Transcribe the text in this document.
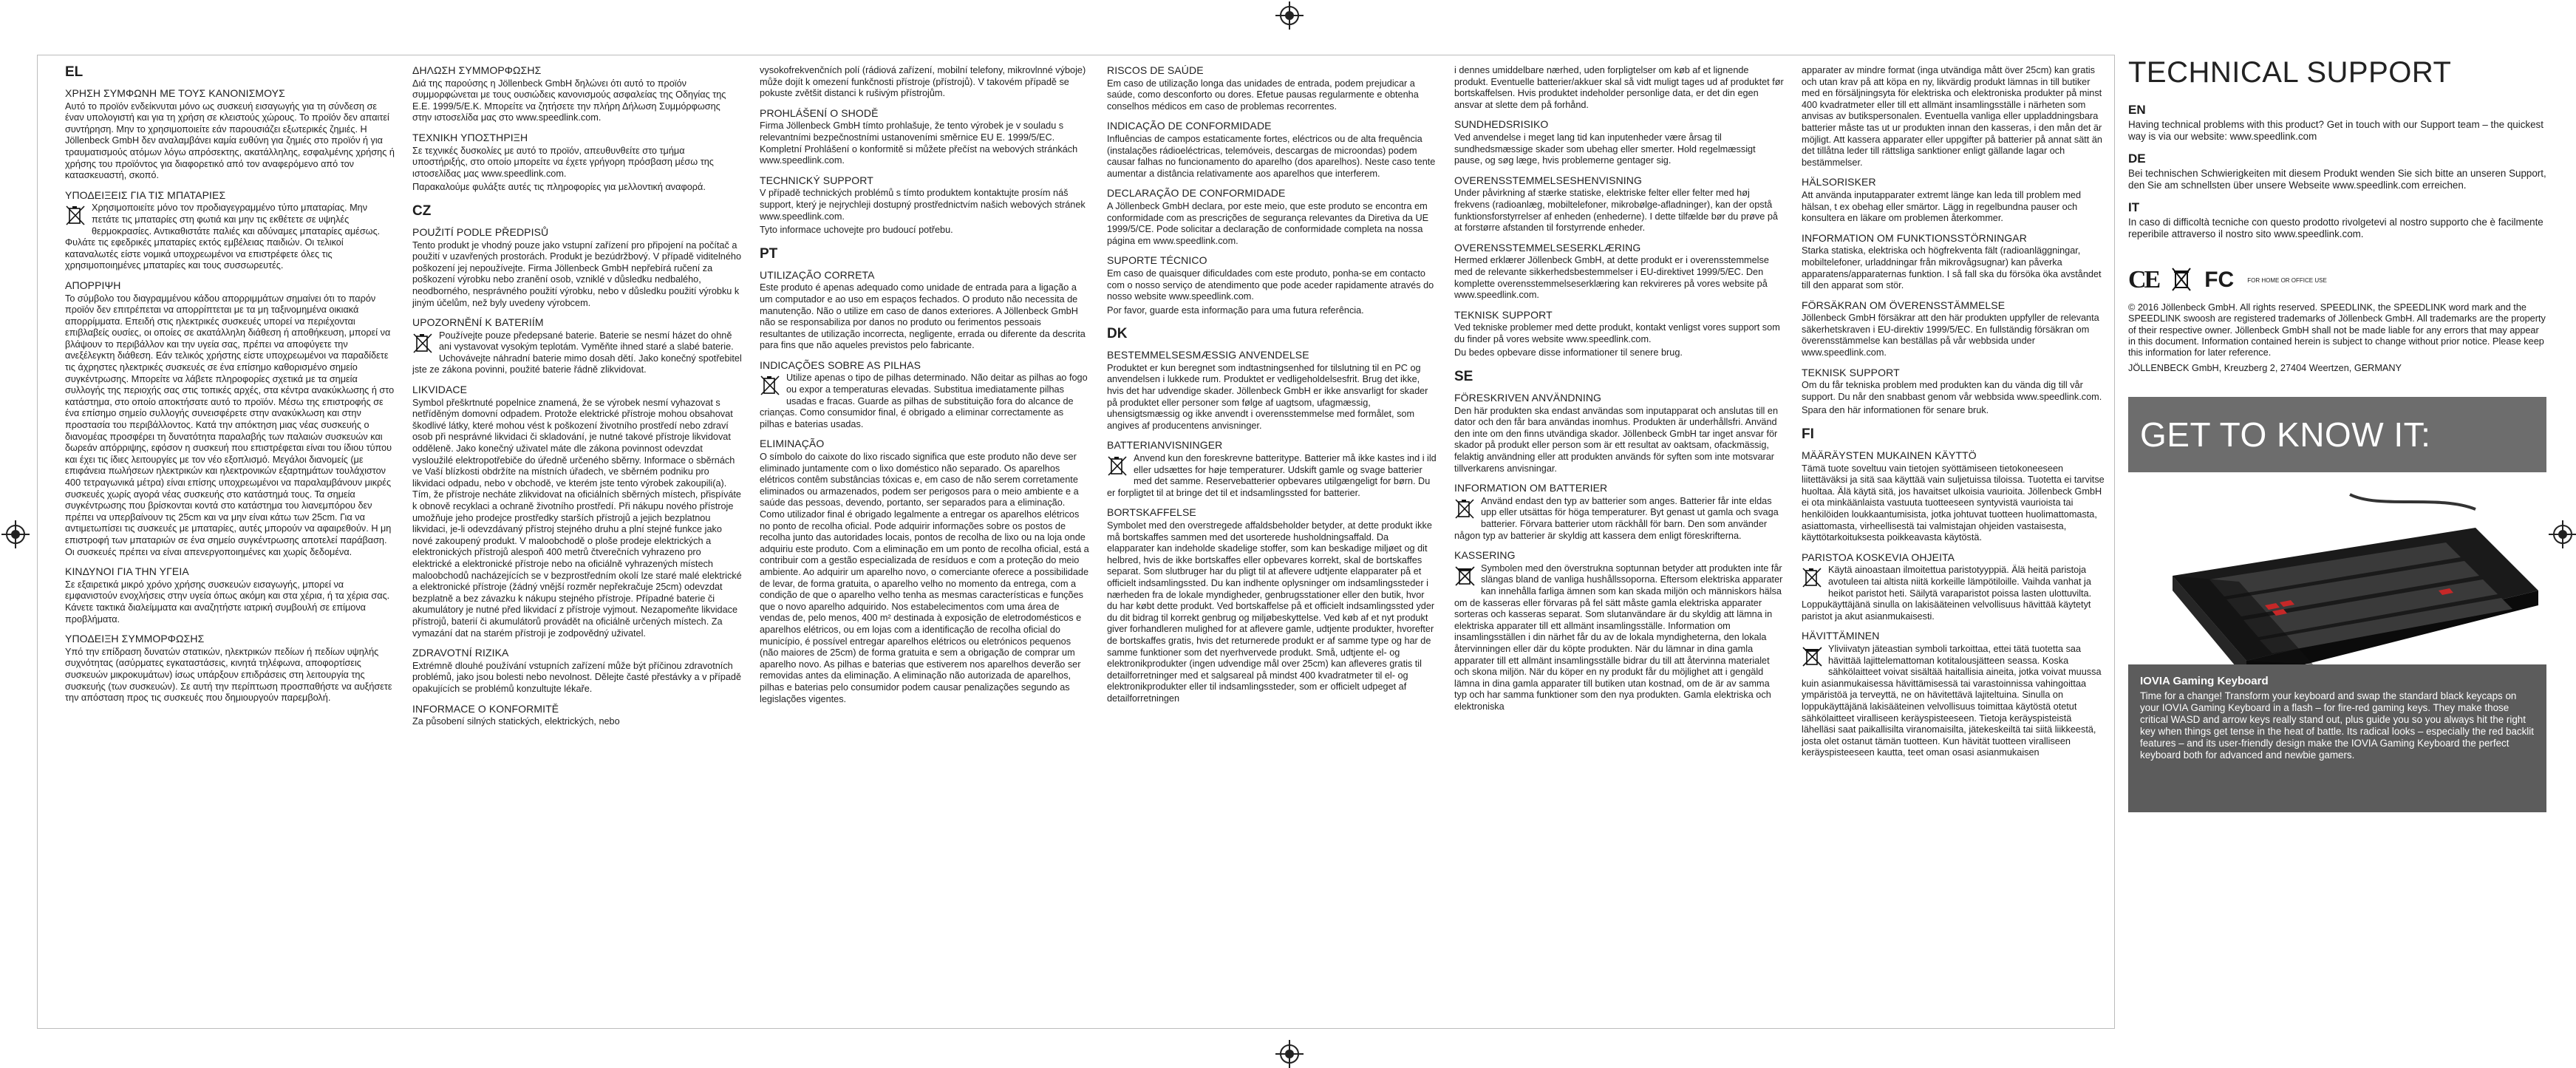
EL
ΧΡΗΣΗ ΣΥΜΦΩΝΗ ΜΕ ΤΟΥΣ ΚΑΝΟΝΙΣΜΟΥΣ

Αυτό το προϊόν ενδείκνυται μόνο ως συσκευή εισαγωγής για τη σύνδεση σε έναν υπολογιστή και για τη χρήση σε κλειστούς χώρους. Το προϊόν δεν απαιτεί συντήρηση. Μην το χρησιμοποιείτε εάν παρουσιάζει εξωτερικές ζημιές. Η Jöllenbeck GmbH δεν αναλαμβάνει καμία ευθύνη για ζημιές στο προϊόν ή για τραυματισμούς ατόμων λόγω απρόσεκτης, ακατάλληλης, εσφαλμένης χρήσης ή χρήσης του προϊόντος για διαφορετικό από τον αναφερόμενο από τον κατασκευαστή, σκοπό.

ΥΠΟΔΕΙΞΕΙΣ ΓΙΑ ΤΙΣ ΜΠΑΤΑΡΙΕΣ

Χρησιμοποιείτε μόνο τον προδιαγεγραμμένο τύπο μπαταρίας. Μην πετάτε τις μπαταρίες στη φωτιά και μην τις εκθέτετε σε υψηλές θερμοκρασίες. Αντικαθιστάτε παλιές και αδύναμες μπαταρίες αμέσως. Φυλάτε τις εφεδρικές μπαταρίες εκτός εμβέλειας παιδιών. Οι τελικοί καταναλωτές είστε νομικά υποχρεωμένοι να επιστρέφετε όλες τις χρησιμοποιημένες μπαταρίες και τους συσσωρευτές.

ΑΠΟΡΡΙΨΗ

Το σύμβολο του διαγραμμένου κάδου απορριμμάτων σημαίνει ότι το παρόν προϊόν δεν επιτρέπεται να απορρίπτεται με τα μη ταξινομημένα οικιακά απορρίμματα. Επειδή στις ηλεκτρικές συσκευές υπορεί να περιέχονται επιβλαβείς ουσίες, οι οποίες σε ακατάλληλη διάθεση ή αποθήκευση, μπορεί να βλάψουν το περιβάλλον και την υγεία σας, πρέπει να αποφύγετε την ανεξέλεγκτη διάθεση. Εάν τελικός χρήστης είστε υποχρεωμένοι να παραδίδετε τις άχρηστες ηλεκτρικές συσκευές σε ένα επίσημο καθορισμένο σημείο συγκέντρωσης. Μπορείτε να λάβετε πληροφορίες σχετικά με τα σημεία συλλογής της περιοχής σας στις τοπικές αρχές, στα κέντρα ανακύκλωσης ή στο κατάστημα, στο οποίο αποκτήσατε αυτό το προϊόν. Μέσω της επιστροφής σε ένα επίσημο σημείο συλλογής συνεισφέρετε στην ανακύκλωση και στην προστασία του περιβάλλοντος. Κατά την απόκτηση μιας νέας συσκευής ο διανομέας προσφέρει τη δυνατότητα παραλαβής των παλαιών συσκευών και δωρεάν απόρριψης, εφόσον η συσκευή που επιστρέφεται είναι του ίδιου τύπου και έχει τις ίδιες λειτουργίες με τον νέο εξοπλισμό. Μεγάλοι διανομείς (με επιφάνεια πωλήσεων ηλεκτρικών και ηλεκτρονικών εξαρτημάτων τουλάχιστον 400 τετραγωνικά μέτρα) είναι επίσης υποχρεωμένοι να παραλαμβάνουν μικρές συσκευές χωρίς αγορά νέας συσκευής στο κατάστημά τους. Τα σημεία συγκέντρωσης που βρίσκονται κοντά στο κατάστημα του λιανεμπόρου δεν πρέπει να υπερβαίνουν τις 25cm και να μην είναι κάτω των 25cm. Για να αντιμετωπίσει τις συσκευές με μπαταρίες, αυτές μπορούν να αφαιρεθούν. Η μη επιστροφή των μπαταριών σε ένα σημείο συγκέντρωσης αποτελεί παράβαση. Οι συσκευές πρέπει να είναι απενεργοποιημένες και χωρίς δεδομένα.

ΚΙΝΔΥΝΟΙ ΓΙΑ ΤΗΝ ΥΓΕΙΑ

Σε εξαιρετικά μικρό χρόνο χρήσης συσκευών εισαγωγής, μπορεί να εμφανιστούν ενοχλήσεις στην υγεία όπως ακόμη και στα χέρια, ή τα χέρια σας. Κάνετε τακτικά διαλείμματα και αναζητήστε ιατρική συμβουλή σε επίμονα προβλήματα.

ΥΠΟΔΕΙΞΗ ΣΥΜΜΟΡΦΩΣΗΣ

Υπό την επίδραση δυνατών στατικών, ηλεκτρικών πεδίων ή πεδίων υψηλής συχνότητας (ασύρματες εγκαταστάσεις, κινητά τηλέφωνα, αποφορτίσεις συσκευών μικροκυμάτων) ίσως υπάρξουν επιδράσεις στη λειτουργία της συσκευής (των συσκευών). Σε αυτή την περίπτωση προσπαθήστε να αυξήσετε την απόσταση προς τις συσκευές που δημιουργούν παρεμβολή.

ΔΗΛΩΣΗ ΣΥΜΜΟΡΦΩΣΗΣ

Διά της παρούσης η Jöllenbeck GmbH δηλώνει ότι αυτό το προϊόν συμμορφώνεται με τους ουσιώδεις κανονισμούς ασφαλείας της Οδηγίας της Ε.Ε. 1999/5/Ε.Κ. Μπορείτε να ζητήσετε την πλήρη Δήλωση Συμμόρφωσης στην ιστοσελίδα μας στο www.speedlink.com.

ΤΕΧΝΙΚΗ ΥΠΟΣΤΗΡΙΞΗ

Σε τεχνικές δυσκολίες με αυτό το προϊόν, απευθυνθείτε στο τμήμα υποστήριξής, στο οποίο μπορείτε να έχετε γρήγορη πρόσβαση μέσω της ιστοσελίδας μας www.speedlink.com.

Παρακαλούμε φυλάξτε αυτές τις πληροφορίες για μελλοντική αναφορά.

CZ
POUŽITÍ PODLE PŘEDPISŮ

Tento produkt je vhodný pouze jako vstupní zařízení pro připojení na počítač a použití v uzavřených prostorách. Produkt je bezúdržbový. V případě viditelného poškození jej nepoužívejte. Firma Jöllenbeck GmbH nepřebírá ručení za poškození výrobku nebo zranění osob, vzniklé v důsledku nedbalého, neodborného, nesprávného použití výrobku, nebo v důsledku použití výrobku k jiným účelům, než byly uvedeny výrobcem.

UPOZORNĚNÍ K BATERIÍM

Používejte pouze předepsané baterie. Baterie se nesmí házet do ohně ani vystavovat vysokým teplotám. Vyměňte ihned staré a slabé baterie. Uchovávejte náhradní baterie mimo dosah dětí. Jako konečný spotřebitel jste ze zákona povinni, použité baterie řádně zlikvidovat.

LIKVIDACE

Symbol přeškrtnuté popelnice znamená, že se výrobek nesmí vyhazovat s netříděným domovní odpadem. Protože elektrické přístroje mohou obsahovat škodlivé látky, které mohou vést k poškození životního prostředí nebo zdraví osob při nesprávné likvidaci či skladování, je nutné takové přístroje likvidovat odděleně. Jako konečný uživatel máte dle zákona povinnost odevzdat vysloužilé elektropotřebiče do úředně určeného sběrny. Informace o sběrnách ve Vaší blízkosti obdržíte na místních úřadech, ve sběrném podniku pro likvidaci odpadu, nebo v obchodě, ve kterém jste tento výrobek zakoupili(a). Tím, že přístroje necháte zlikvidovat na oficiálních sběrných místech, přispíváte k obnově recyklaci a ochraně životního prostředí. Při nákupu nového přístroje umožňuje jeho prodejce prostředky starších přístrojů a jejich bezplatnou likvidaci, je-li odevzdávaný přístroj stejného druhu a plní stejné funkce jako nové zakoupený produkt. V maloobchodě o ploše prodeje elektrických a elektronických přístrojů alespoň 400 metrů čtverečních vyhrazeno pro elektrické a elektronické přístroje nebo na oficiálně vyhrazených místech maloobchodů nacházejících se v bezprostředním okolí lze staré malé elektrické a elektronické přístroje (žádný vnější rozměr nepřekračuje 25cm) odevzdat bezplatně a bez závazku k nákupu stejného přístroje. Případné baterie či akumulátory je nutné před likvidací z přístroje vyjmout. Nezapomeňte likvidace přístrojů, baterií či akumulátorů provádět na oficiálně určených místech. Za vymazání dat na starém přístroji je zodpovědný uživatel.

ZDRAVOTNÍ RIZIKA

Extrémně dlouhé používání vstupních zařízení může být příčinou zdravotních problémů, jako jsou bolesti nebo nevolnost. Dělejte časté přestávky a v případě opakujících se problémů konzultujte lékaře.

INFORMACE O KONFORMITĚ

Za působení silných statických, elektrických, nebo

vysokofrekvenčních polí (rádiová zařízení, mobilní telefony, mikrovlnné výboje) může dojít k omezení funkčnosti přístroje (přístrojů). V takovém případě se pokuste zvětšit distanci k rušivým přístrojům.

PROHLÁŠENÍ O SHODĚ

Firma Jöllenbeck GmbH tímto prohlašuje, že tento výrobek je v souladu s relevantními bezpečnostními ustanoveními směrnice EU E. 1999/5/EC. Kompletní Prohlášení o konformitě si můžete přečíst na webových stránkách www.speedlink.com.

TECHNICKÝ SUPPORT

V případě technických problémů s tímto produktem kontaktujte prosím náš support, který je nejrychleji dostupný prostřednictvím našich webových stránek www.speedlink.com.

Tyto informace uchovejte pro budoucí potřebu.

PT
UTILIZAÇÃO CORRETA

Este produto é apenas adequado como unidade de entrada para a ligação a um computador e ao uso em espaços fechados. O produto não necessita de manutenção. Não o utilize em caso de danos exteriores. A Jöllenbeck GmbH não se responsabiliza por danos no produto ou ferimentos pessoais resultantes de utilização incorrecta, negligente, errada ou diferente da descrita para fins que não aqueles previstos pelo fabricante.

INDICAÇÕES SOBRE AS PILHAS

Utilize apenas o tipo de pilhas determinado. Não deitar as pilhas ao fogo ou expor a temperaturas elevadas. Substitua imediatamente pilhas usadas e fracas. Guarde as pilhas de substituição fora do alcance de crianças. Como consumidor final, é obrigado a eliminar correctamente as pilhas e baterias usadas.

ELIMINAÇÃO

O símbolo do caixote do lixo riscado significa que este produto não deve ser eliminado juntamente com o lixo doméstico não separado. Os aparelhos elétricos contêm substâncias tóxicas e, em caso de não serem corretamente eliminados ou armazenados, podem ser perigosos para o meio ambiente e a saúde das pessoas, devendo, portanto, ser separados para a eliminação. Como utilizador final é obrigado legalmente a entregar os aparelhos elétricos no ponto de recolha oficial. Pode adquirir informações sobre os postos de recolha junto das autoridades locais, pontos de recolha de lixo ou na loja onde adquiriu este produto. Com a eliminação em um ponto de recolha oficial, está a contribuir com a gestão especializada de resíduos e com a proteção do meio ambiente. Ao adquirir um aparelho novo, o comerciante oferece a possibilidade de levar, de forma gratuita, o aparelho velho no momento da entrega, com a condição de que o aparelho velho tenha as mesmas características e funções que o novo aparelho adquirido. Nos estabelecimentos com uma área de vendas de, pelo menos, 400 m² destinada à exposição de eletrodomésticos e aparelhos elétricos, ou em lojas com a identificação de recolha oficial do município, é possível entregar aparelhos elétricos ou eletrónicos pequenos (não maiores de 25cm) de forma gratuita e sem a obrigação de comprar um aparelho novo. As pilhas e baterias que estiverem nos aparelhos deverão ser removidas antes da eliminação. A eliminação não autorizada de aparelhos, pilhas e baterias pelo consumidor podem causar penalizações segundo as legislações vigentes.

RISCOS DE SAÚDE

Em caso de utilização longa das unidades de entrada, podem prejudicar a saúde, como desconforto ou dores. Efetue pausas regularmente e obtenha conselhos médicos em caso de problemas recorrentes.

INDICAÇÃO DE CONFORMIDADE

Influências de campos estaticamente fortes, eléctricos ou de alta frequência (instalações rádioeléctricas, telemóveis, descargas de microondas) podem causar falhas no funcionamento do aparelho (dos aparelhos). Neste caso tente aumentar a distância relativamente aos aparelhos que interferem.

DECLARAÇÃO DE CONFORMIDADE

A Jöllenbeck GmbH declara, por este meio, que este produto se encontra em conformidade com as prescrições de segurança relevantes da Diretiva da UE 1999/5/CE. Pode solicitar a declaração de conformidade completa na nossa página em www.speedlink.com.

SUPORTE TÉCNICO

Em caso de quaisquer dificuldades com este produto, ponha-se em contacto com o nosso serviço de atendimento que pode aceder rapidamente através do nosso website www.speedlink.com.

Por favor, guarde esta informação para uma futura referência.

DK
BESTEMMELSESMÆSSIG ANVENDELSE

Produktet er kun beregnet som indtastningsenhed for tilslutning til en PC og anvendelsen i lukkede rum. Produktet er vedligeholdelsesfrit. Brug det ikke, hvis det har udvendige skader. Jöllenbeck GmbH er ikke ansvarligt for skader på produktet eller personer som følge af uagtsom, ufagmæssig, uhensigtsmæssig og ikke anvendt i overensstemmelse med formålet, som angives af producentens anvisninger.

BATTERIANVISNINGER

Anvend kun den foreskrevne batteritype. Batterier må ikke kastes ind i ild eller udsættes for høje temperaturer. Udskift gamle og svage batterier med det samme. Reservebatterier opbevares utilgængeligt for børn. Du er forpligtet til at bringe det til et indsamlingssted for batterier.

BORTSKAFFELSE

Symbolet med den overstregede affaldsbeholder betyder, at dette produkt ikke må bortskaffes sammen med det usorterede husholdningsaffald. Da elapparater kan indeholde skadelige stoffer, som kan beskadige miljøet og dit helbred, hvis de ikke bortskaffes eller opbevares korrekt, skal de bortskaffes separat. Som slutbruger har du pligt til at aflevere udtjente elapparater på et officielt indsamlingssted. Du kan indhente oplysninger om indsamlingssteder i nærheden fra de lokale myndigheder, genbrugsstationer eller den butik, hvor du har købt dette produkt. Ved bortskaffelse på et officielt indsamlingssted yder du dit bidrag til korrekt genbrug og miljøbeskyttelse. Ved køb af et nyt produkt giver forhandleren mulighed for at aflevere gamle, udtjente produkter, hvorefter de bortskaffes gratis, hvis det returnerede produkt er af samme type og har de samme funktioner som det nyerhvervede produkt. Små, udtjente el- og elektronikprodukter (ingen udvendige mål over 25cm) kan afleveres gratis til detailforretninger med et salgsareal på mindst 400 kvadratmeter til el- og elektronikprodukter eller til indsamlingssteder, som er officielt udpeget af detailforretningen

i dennes umiddelbare nærhed, uden forpligtelser om køb af et lignende produkt. Eventuelle batterier/akkuer skal så vidt muligt tages ud af produktet før bortskaffelsen. Hvis produktet indeholder personlige data, er det din egen ansvar at slette dem på forhånd.

SUNDHEDSRISIKO

Ved anvendelse i meget lang tid kan inputenheder være årsag til sundhedsmæssige skader som ubehag eller smerter. Hold regelmæssigt pause, og søg læge, hvis problemerne gentager sig.

OVERENSSTEMMELSESHENVISNING

Under påvirkning af stærke statiske, elektriske felter eller felter med høj frekvens (radioanlæg, mobiltelefoner, mikrobølge-afladninger), kan der opstå funktionsforstyrrelser af enheden (enhederne). I dette tilfælde bør du prøve på at forstørre afstanden til forstyrrende enheder.

OVERENSSTEMMELSESERKLÆRING

Hermed erklærer Jöllenbeck GmbH, at dette produkt er i overensstemmelse med de relevante sikkerhedsbestemmelser i EU-direktivet 1999/5/EC. Den komplette overensstemmelseserklæring kan rekvireres på vores website på www.speedlink.com.

TEKNISK SUPPORT

Ved tekniske problemer med dette produkt, kontakt venligst vores support som du finder på vores website www.speedlink.com.

Du bedes opbevare disse informationer til senere brug.

SE
FÖRESKRIVEN ANVÄNDNING

Den här produkten ska endast användas som inputapparat och anslutas till en dator och den får bara användas inomhus. Produkten är underhållsfri. Använd den inte om den finns utvändiga skador. Jöllenbeck GmbH tar inget ansvar för skador på produkt eller person som är ett resultat av oaktsam, ofackmässig, felaktig användning eller att produkten används för syften som inte motsvarar tillverkarens anvisningar.

INFORMATION OM BATTERIER

Använd endast den typ av batterier som anges. Batterier får inte eldas upp eller utsättas för höga temperaturer. Byt genast ut gamla och svaga batterier. Förvara batterier utom räckhåll för barn. Den som använder någon typ av batterier är skyldig att kassera dem enligt föreskrifterna.

KASSERING

Symbolen med den överstrukna soptunnan betyder att produkten inte får slängas bland de vanliga hushållssoporna. Eftersom elektriska apparater kan innehålla farliga ämnen som kan skada miljön och människors hälsa om de kasseras eller förvaras på fel sätt måste gamla elektriska apparater sorteras och kasseras separat. Som slutanvändare är du skyldig att lämna in elektriska apparater till ett allmänt insamlingsställe. Information om insamlingsställen i din närhet får du av de lokala myndigheterna, den lokala återvinningen eller där du köpte produkten. När du lämnar in dina gamla apparater till ett allmänt insamlingsställe bidrar du till att återvinna materialet och skona miljön. När du köper en ny produkt får du möjlighet att i gengäld lämna in dina gamla apparater till butiken utan kostnad, om de är av samma typ och har samma funktioner som den nya produkten. Gamla elektriska och elektroniska

apparater av mindre format (inga utvändiga mått över 25cm) kan gratis och utan krav på att köpa en ny, likvärdig produkt lämnas in till butiker med en försäljningsyta för elektriska och elektroniska produkter på minst 400 kvadratmeter eller till ett allmänt insamlingsställe i närheten som anvisas av butikspersonalen. Eventuella vanliga eller uppladdningsbara batterier måste tas ut ur produkten innan den kasseras, i den mån det är möjligt. Att kassera apparater eller uppgifter på batterier på annat sätt än det tillåtna leder till rättsliga sanktioner enligt gällande lagar och bestämmelser.

HÄLSORISKER

Att använda inputapparater extremt länge kan leda till problem med hälsan, t ex obehag eller smärtor. Lägg in regelbundna pauser och konsultera en läkare om problemen återkommer.

INFORMATION OM FUNKTIONSSTÖRNINGAR

Starka statiska, elektriska och högfrekventa fält (radioanläggningar, mobiltelefoner, urladdningar från mikrovågsugnar) kan påverka apparatens/apparaternas funktion. I så fall ska du försöka öka avståndet till den apparat som stör.

FÖRSÄKRAN OM ÖVERENSSTÄMMELSE

Jöllenbeck GmbH försäkrar att den här produkten uppfyller de relevanta säkerhetskraven i EU-direktiv 1999/5/EC. En fullständig försäkran om överensstämmelse kan beställas på vår webbsida under www.speedlink.com.

TEKNISK SUPPORT

Om du får tekniska problem med produkten kan du vända dig till vår support. Du når den snabbast genom vår webbsida www.speedlink.com.

Spara den här informationen för senare bruk.

FI
MÄÄRÄYSTEN MUKAINEN KÄYTTÖ

Tämä tuote soveltuu vain tietojen syöttämiseen tietokoneeseen liitettäväksi ja sitä saa käyttää vain suljetuissa tiloissa. Tuotetta ei tarvitse huoltaa. Älä käytä sitä, jos havaitset ulkoisia vaurioita. Jöllenbeck GmbH ei ota minkäänlaista vastuuta tuotteeseen syntyvistä vaurioista tai henkilöiden loukkaantumisista, jotka johtuvat tuotteen huolimattomasta, asiattomasta, virheellisestä tai valmistajan ohjeiden vastaisesta, käyttötarkoituksesta poikkeavasta käytöstä.

PARISTOA KOSKEVIA OHJEITA

Käytä ainoastaan ilmoitettua paristotyyppiä. Älä heitä paristoja avotuleen tai altista niitä korkeille lämpötiloille. Vaihda vanhat ja heikot paristot heti. Säilytä varaparistot poissa lasten ulottuvilta. Loppukäyttäjänä sinulla on lakisääteinen velvollisuus hävittää käytetyt paristot ja akut asianmukaisesti.

HÄVITTÄMINEN

Yliviivatyn jäteastian symboli tarkoittaa, ettei tätä tuotetta saa hävittää lajittelemattoman kotitalousjätteen seassa. Koska sähkölaitteet voivat sisältää haitallisia aineita, jotka voivat muussa kuin asianmukaisessa hävittämisessä tai varastoinnissa vahingoittaa ympäristöä ja terveyttä, ne on hävitettävä lajiteltuina. Sinulla on loppukäyttäjänä lakisääteinen velvollisuus toimittaa käytöstä otetut sähkölaitteet viralliseen keräyspisteeseen. Tietoja keräyspisteistä lähelläsi saat paikallisilta viranomaisilta, jätekeskeiltä tai siitä liikkeestä, josta olet ostanut tämän tuotteen. Kun hävität tuotteen viralliseen keräyspisteeseen kautta, teet oman osasi asianmukaisen

TECHNICAL SUPPORT
EN

Having technical problems with this product? Get in touch with our Support team – the quickest way is via our website: www.speedlink.com

DE

Bei technischen Schwierigkeiten mit diesem Produkt wenden Sie sich bitte an unseren Support, den Sie am schnellsten über unsere Webseite www.speedlink.com erreichen.

IT

In caso di difficoltà tecniche con questo prodotto rivolgetevi al nostro supporto che è facilmente reperibile attraverso il nostro sito www.speedlink.com.

CE FC FOR HOME OR OFFICE USE

© 2016 Jöllenbeck GmbH. All rights reserved. SPEEDLINK, the SPEEDLINK word mark and the SPEEDLINK swoosh are registered trademarks of Jöllenbeck GmbH. All trademarks are the property of their respective owner. Jöllenbeck GmbH shall not be made liable for any errors that may appear in this document. Information contained herein is subject to change without prior notice. Please keep this information for later reference.

JÖLLENBECK GmbH, Kreuzberg 2, 27404 Weertzen, GERMANY

GET TO KNOW IT:
IOVIA Gaming Keyboard

Time for a change! Transform your keyboard and swap the standard black keycaps on your IOVIA Gaming Keyboard in a flash – for fire-red gaming keys. They make those critical WASD and arrow keys really stand out, plus guide you so you always hit the right key when things get tense in the heat of battle. Its radical looks – especially the red backlit features – and its user-friendly design make the IOVIA Gaming Keyboard the perfect keyboard both for advanced and newbie gamers.
